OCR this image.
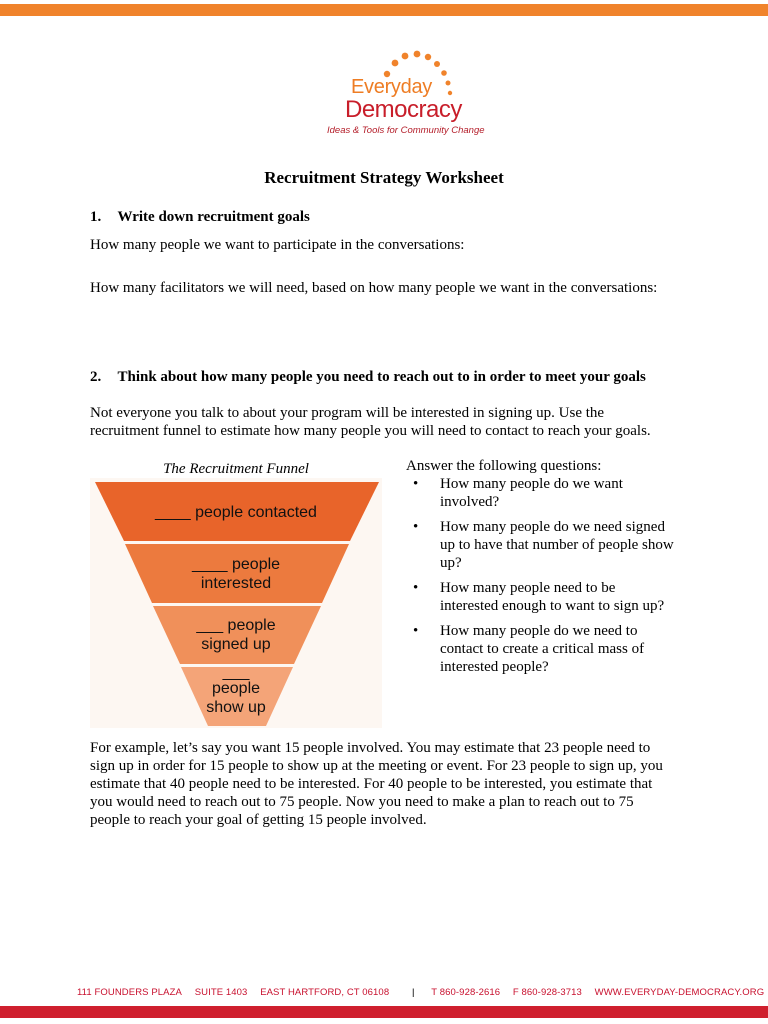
Everyday
Democracy
Ideas & Tools for Community Change
Recruitment Strategy Worksheet
1. Write down recruitment goals
How many people we want to participate in the conversations:
How many facilitators we will need, based on how many people we want in the conversations:
2. Think about how many people you need to reach out to in order to meet your goals
Not everyone you talk to about your program will be interested in signing up. Use the
recruitment funnel to estimate how many people you will need to contact to reach your goals.
The Recruitment Funnel
____ people contacted
____ people
interested
___ people
signed up
___
people
show up
Answer the following questions:
• How many people do we want
involved?
• How many people do we need signed
up to have that number of people show
up?
• How many people need to be
interested enough to want to sign up?
• How many people do we need to
contact to create a critical mass of
interested people?
For example, let’s say you want 15 people involved. You may estimate that 23 people need to
sign up in order for 15 people to show up at the meeting or event. For 23 people to sign up, you
estimate that 40 people need to be interested. For 40 people to be interested, you estimate that
you would need to reach out to 75 people. Now you need to make a plan to reach out to 75
people to reach your goal of getting 15 people involved.
111 FOUNDERS PLAZA SUITE 1403 EAST HARTFORD, CT 06108 | T 860-928-2616 F 860-928-3713 WWW.EVERYDAY-DEMOCRACY.ORG
